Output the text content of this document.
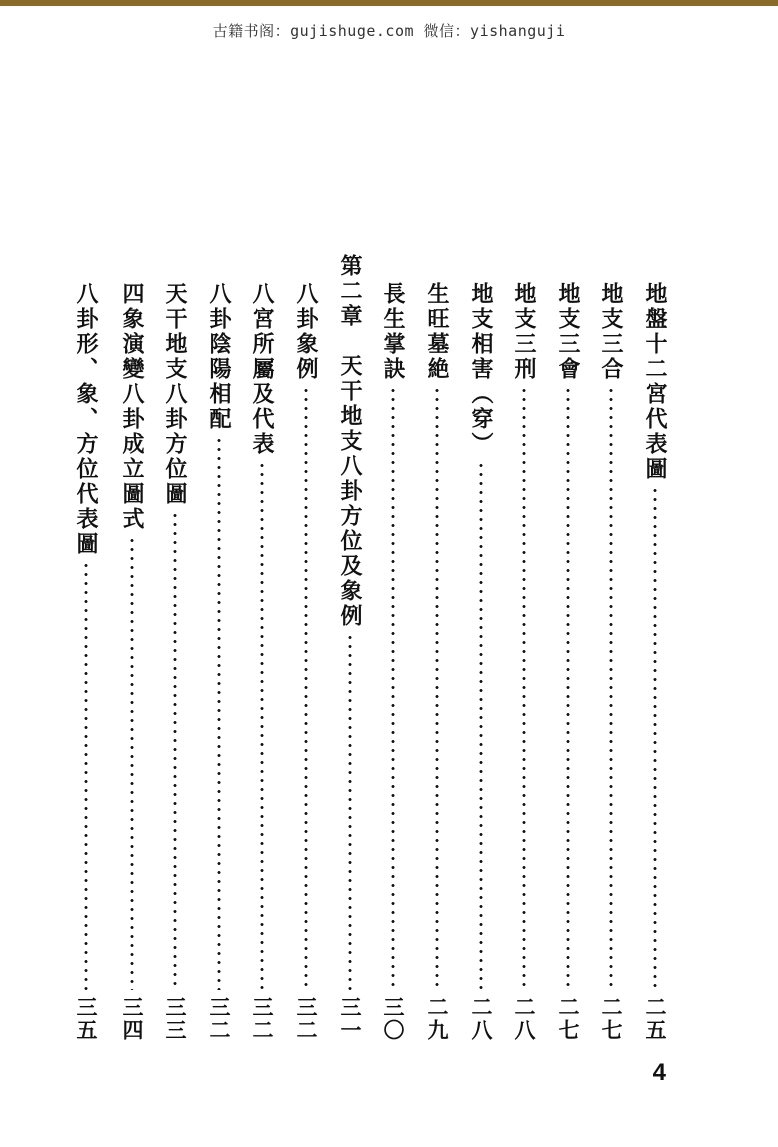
古籍书阁：gujishuge.com 微信：yishanguji
地盤十二宮代表圖
二五
地支三合
二七
地支三會
二七
地支三刑
二八
地支相害（穿）
二八
生旺墓絶
二九
長生掌訣
三〇
第二章　天干地支八卦方位及象例
三一
八卦象例
三二
八宮所屬及代表
三二
八卦陰陽相配
三二
天干地支八卦方位圖
三三
四象演變八卦成立圖式
三四
八卦形、象、方位代表圖
三五
4
